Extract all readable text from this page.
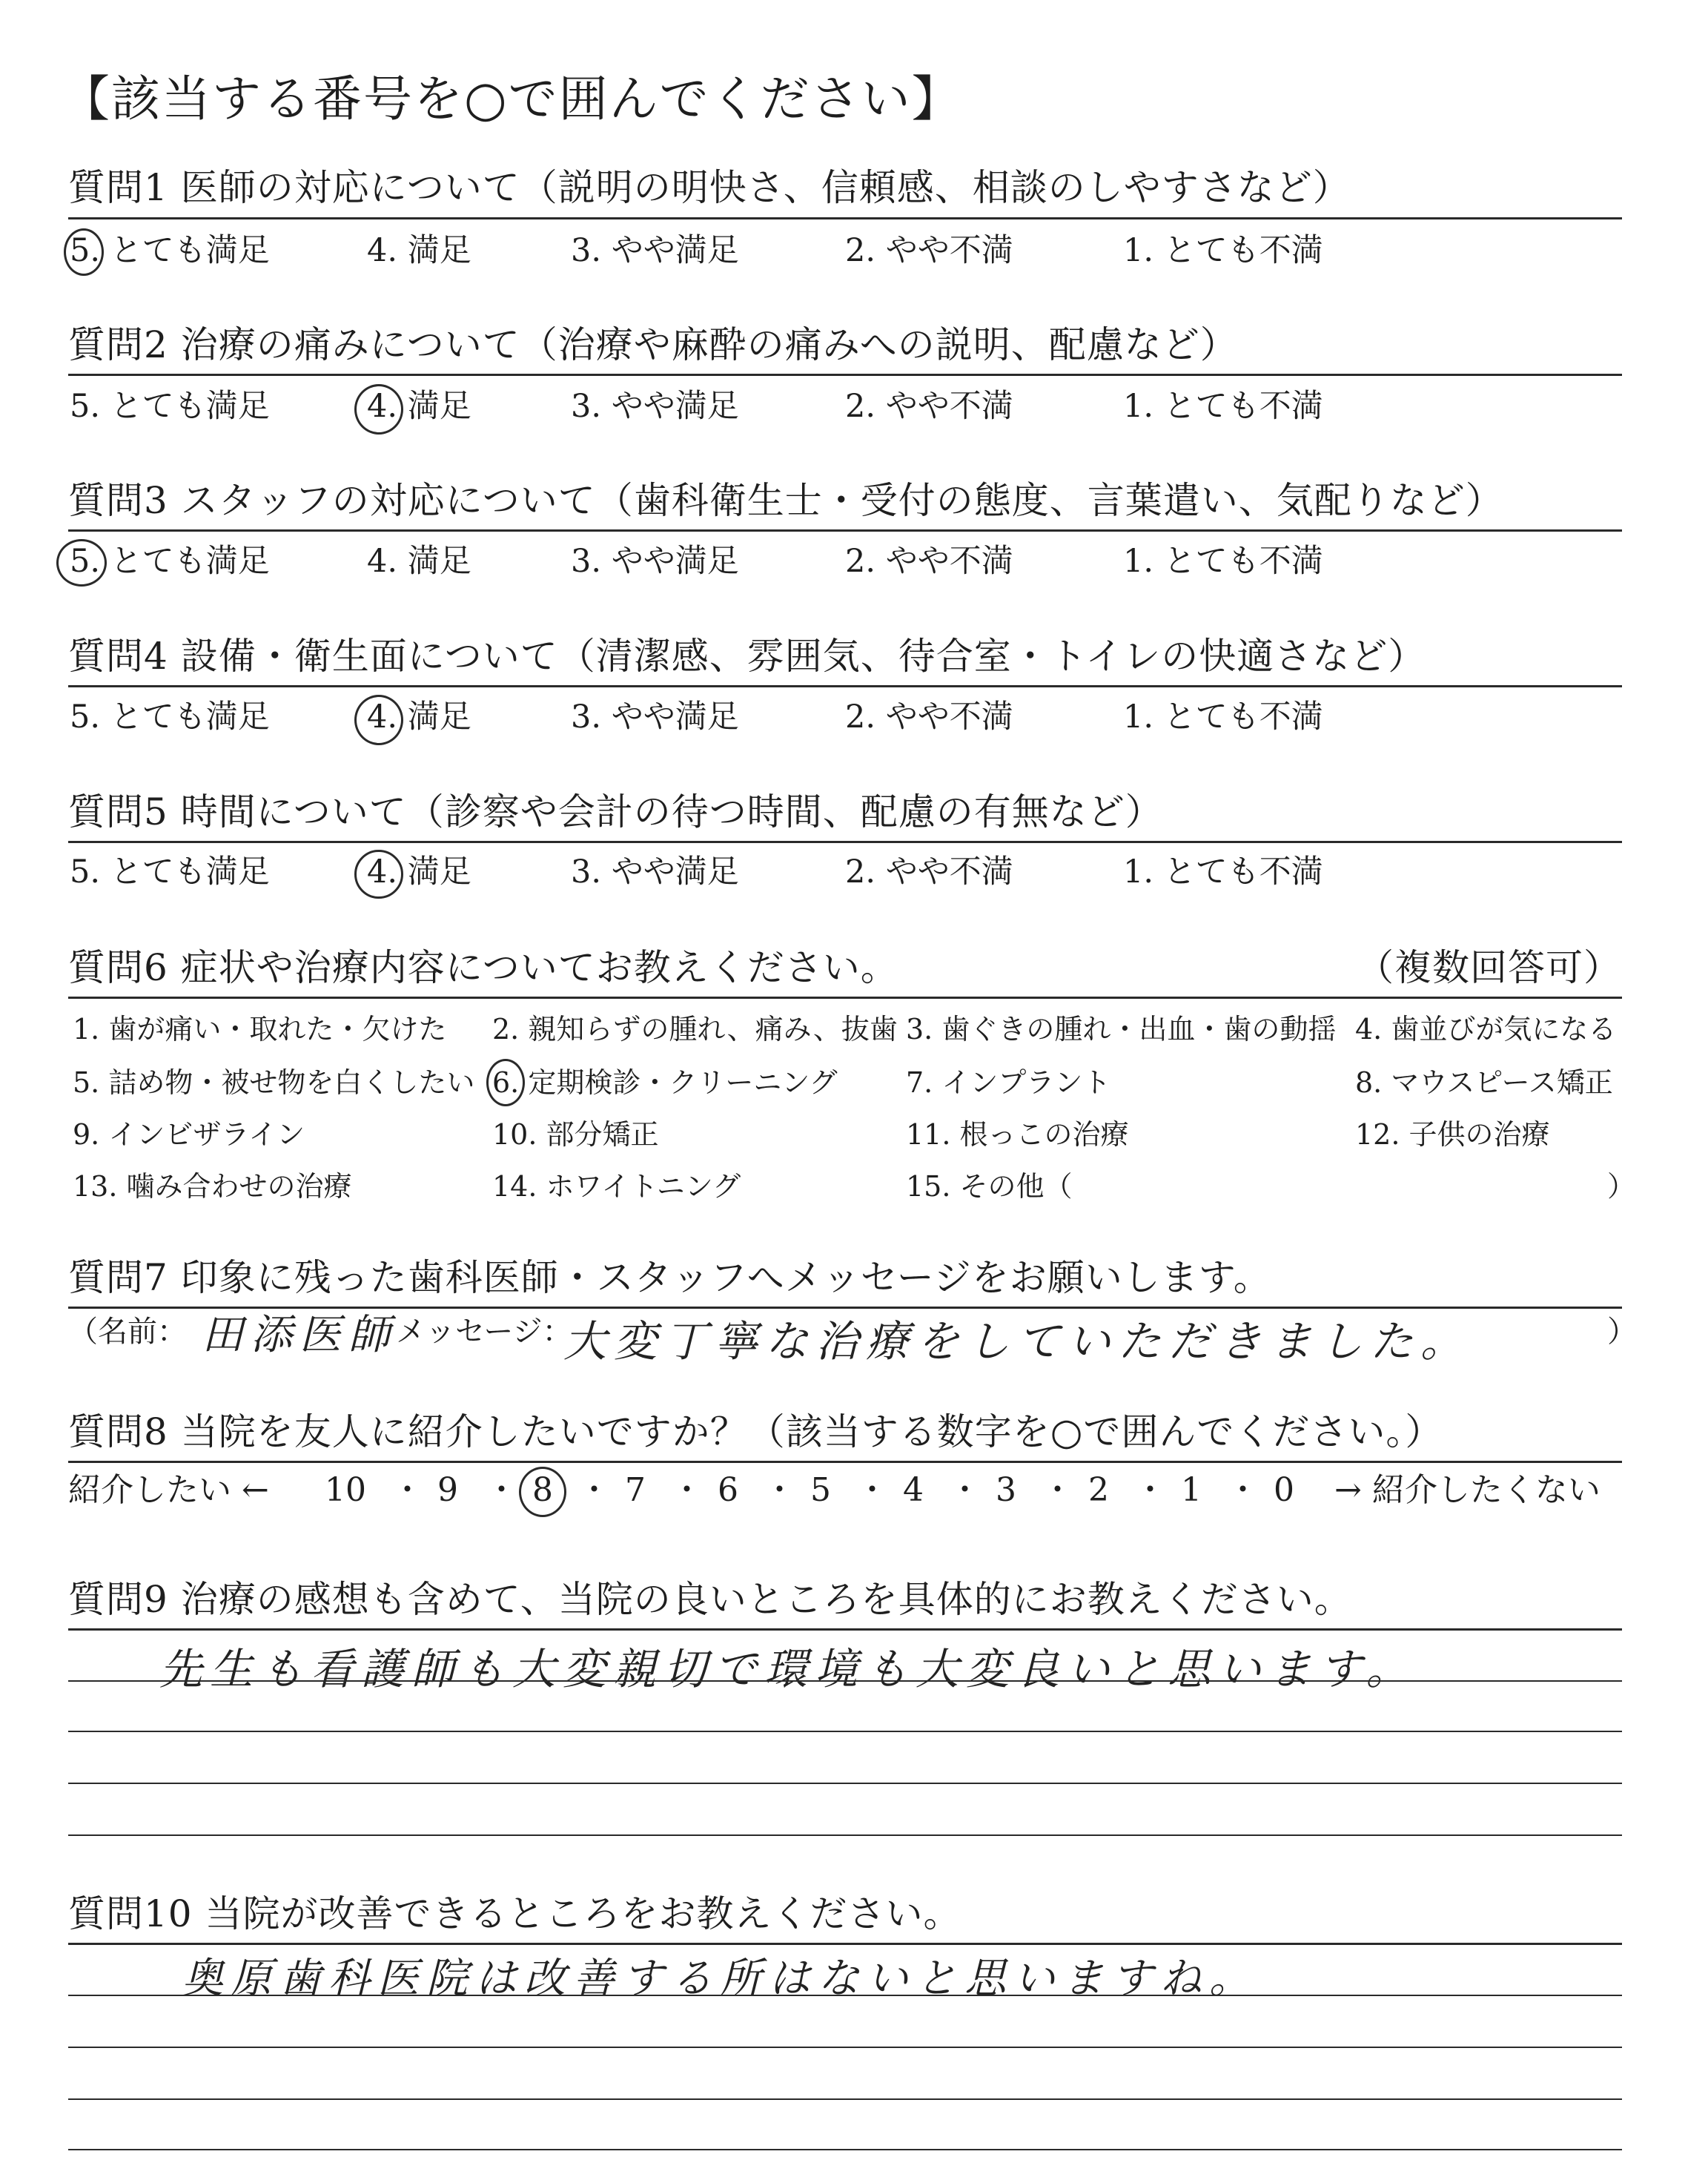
【該当する番号を○で囲んでください】
質問1 医師の対応について（説明の明快さ、信頼感、相談のしやすさなど）
5. とても満足	4. 満足	3. やや満足	2. やや不満	1. とても不満
質問2 治療の痛みについて（治療や麻酔の痛みへの説明、配慮など）
5. とても満足	4. 満足	3. やや満足	2. やや不満	1. とても不満
質問3 スタッフの対応について（歯科衛生士・受付の態度、言葉遣い、気配りなど）
5. とても満足	4. 満足	3. やや満足	2. やや不満	1. とても不満
質問4 設備・衛生面について（清潔感、雰囲気、待合室・トイレの快適さなど）
5. とても満足	4. 満足	3. やや満足	2. やや不満	1. とても不満
質問5 時間について（診察や会計の待つ時間、配慮の有無など）
5. とても満足	4. 満足	3. やや満足	2. やや不満	1. とても不満
質問6 症状や治療内容についてお教えください。	（複数回答可）
1. 歯が痛い・取れた・欠けた 2. 親知らずの腫れ、痛み、抜歯 3. 歯ぐきの腫れ・出血・歯の動揺 4. 歯並びが気になる
5. 詰め物・被せ物を白くしたい 6. 定期検診・クリーニング 7. インプラント	8. マウスピース矯正
9. インビザライン	10. 部分矯正	11. 根っこの治療	12. 子供の治療
13. 噛み合わせの治療	14. ホワイトニング	15. その他（	）
質問7 印象に残った歯科医師・スタッフへメッセージをお願いします。
（名前： 田添医師
メッセージ：
大変丁寧な治療をしていただきました。	）
質問8 当院を友人に紹介したいですか？（該当する数字を○で囲んでください。）
紹介したい ← 10 ・ 9 ・ 8 ・ 7 ・ 6 ・ 5 ・ 4 ・ 3 ・ 2 ・ 1 ・ 0 → 紹介したくない
質問9 治療の感想も含めて、当院の良いところを具体的にお教えください。
先生も看護師も大変親切で環境も大変良いと思います。
質問10 当院が改善できるところをお教えください。
奥原歯科医院は改善する所はないと思いますね。
